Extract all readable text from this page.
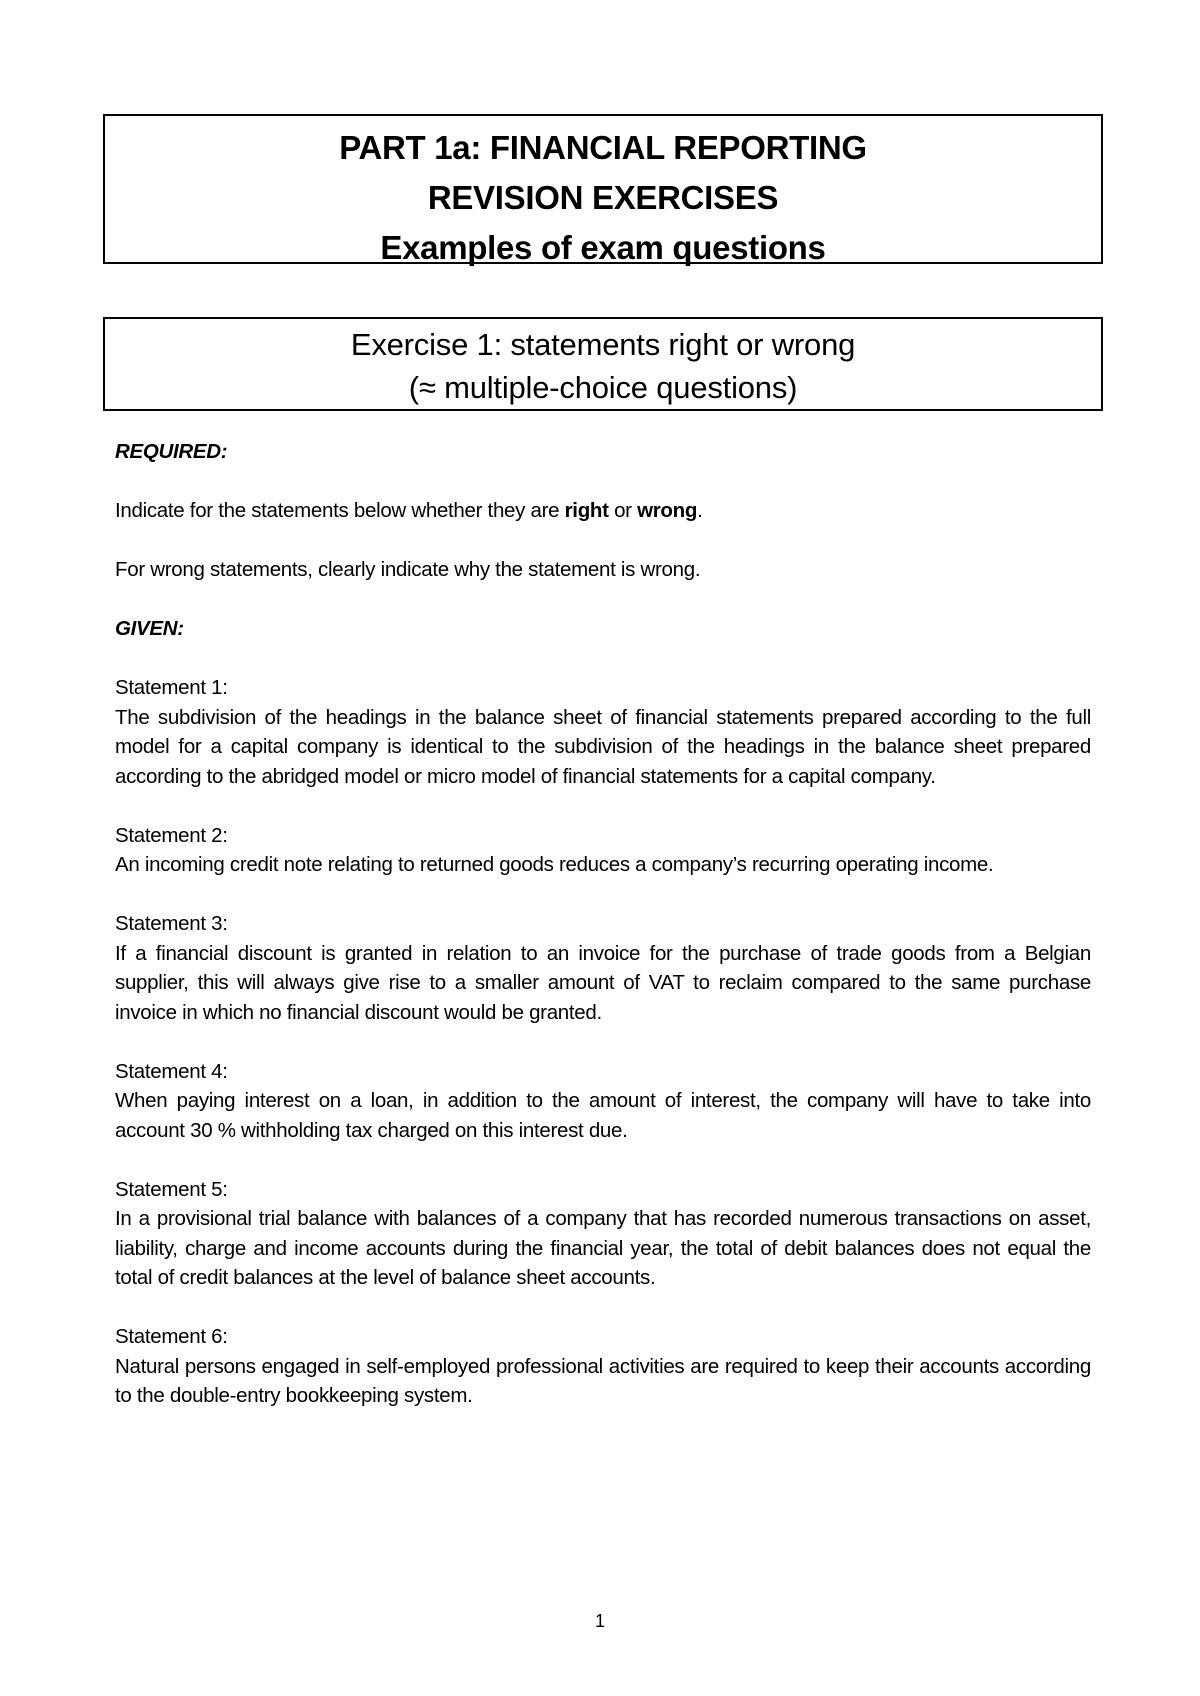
PART 1a: FINANCIAL REPORTING
REVISION EXERCISES
Examples of exam questions
Exercise 1: statements right or wrong
(≈ multiple-choice questions)

REQUIRED:

Indicate for the statements below whether they are right or wrong.

For wrong statements, clearly indicate why the statement is wrong.

GIVEN:

Statement 1:
The subdivision of the headings in the balance sheet of financial statements prepared according to the full model for a capital company is identical to the subdivision of the headings in the balance sheet prepared according to the abridged model or micro model of financial statements for a capital company.
Statement 2:
An incoming credit note relating to returned goods reduces a company’s recurring operating income.
Statement 3:
If a financial discount is granted in relation to an invoice for the purchase of trade goods from a Belgian supplier, this will always give rise to a smaller amount of VAT to reclaim compared to the same purchase invoice in which no financial discount would be granted.
Statement 4:
When paying interest on a loan, in addition to the amount of interest, the company will have to take into account 30 % withholding tax charged on this interest due.
Statement 5:
In a provisional trial balance with balances of a company that has recorded numerous transactions on asset, liability, charge and income accounts during the financial year, the total of debit balances does not equal the total of credit balances at the level of balance sheet accounts.
Statement 6:
Natural persons engaged in self-employed professional activities are required to keep their accounts according to the double-entry bookkeeping system.
1
